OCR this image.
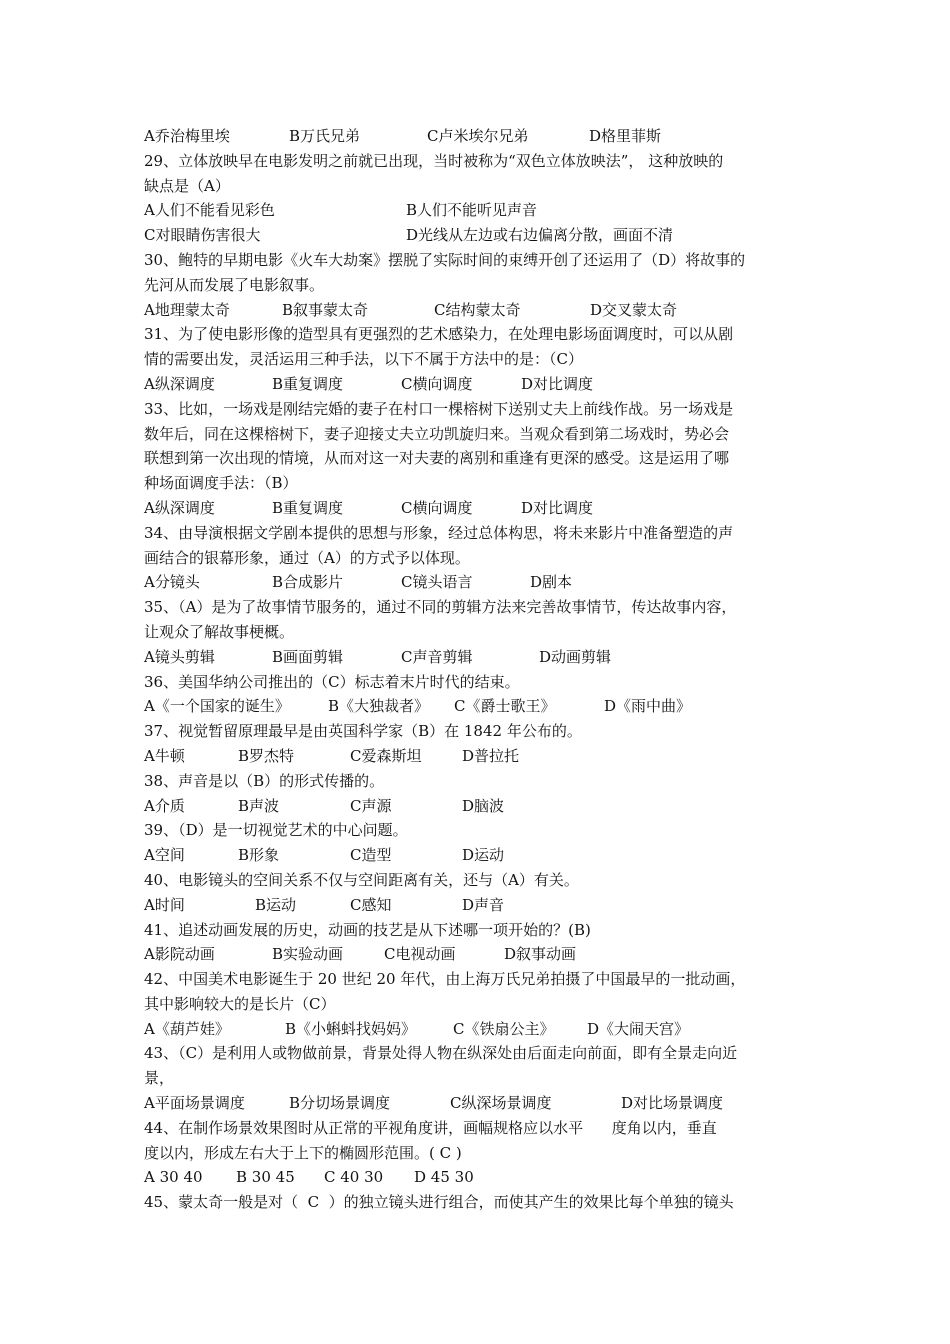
A乔治梅里埃	B万氏兄弟	C卢米埃尔兄弟	D格里菲斯
29、立体放映早在电影发明之前就已出现，当时被称为“双色立体放映法”， 这种放映的
缺点是（A）
A人们不能看见彩色	B人们不能听见声音
C对眼睛伤害很大	D光线从左边或右边偏离分散，画面不清
30、鲍特的早期电影《火车大劫案》摆脱了实际时间的束缚开创了还运用了（D）将故事的
先河从而发展了电影叙事。
A地理蒙太奇	B叙事蒙太奇	C结构蒙太奇	D交叉蒙太奇
31、为了使电影形像的造型具有更强烈的艺术感染力，在处理电影场面调度时，可以从剧
情的需要出发，灵活运用三种手法，以下不属于方法中的是：（C）
A纵深调度	B重复调度	C横向调度	D对比调度
33、比如，一场戏是刚结完婚的妻子在村口一棵榕树下送别丈夫上前线作战。另一场戏是
数年后，同在这棵榕树下，妻子迎接丈夫立功凯旋归来。当观众看到第二场戏时，势必会
联想到第一次出现的情境，从而对这一对夫妻的离别和重逢有更深的感受。这是运用了哪
种场面调度手法：（B）
A纵深调度	B重复调度	C横向调度	D对比调度
34、由导演根据文学剧本提供的思想与形象，经过总体构思，将未来影片中准备塑造的声
画结合的银幕形象，通过（A）的方式予以体现。
A分镜头	B合成影片	C镜头语言	D剧本
35、（A）是为了故事情节服务的，通过不同的剪辑方法来完善故事情节，传达故事内容，
让观众了解故事梗概。
A镜头剪辑	B画面剪辑	C声音剪辑	D动画剪辑
36、美国华纳公司推出的（C）标志着末片时代的结束。
A《一个国家的诞生》	B《大独裁者》 C《爵士歌王》	D《雨中曲》
37、视觉暂留原理最早是由英国科学家（B）在 1842 年公布的。
A牛顿	B罗杰特	C爱森斯坦	D普拉托
38、声音是以（B）的形式传播的。
A介质	B声波	C声源	D脑波
39、（D）是一切视觉艺术的中心问题。
A空间	B形象	C造型	D运动
40、电影镜头的空间关系不仅与空间距离有关，还与（A）有关。
A时间	B运动	C感知	D声音
41、追述动画发展的历史，动画的技艺是从下述哪一项开始的？(B)
A影院动画	B实验动画	C电视动画	D叙事动画
42、中国美术电影诞生于 20 世纪 20 年代，由上海万氏兄弟拍摄了中国最早的一批动画，
其中影响较大的是长片（C）
A《葫芦娃》	B《小蝌蚪找妈妈》 C《铁扇公主》 D《大闹天宫》
43、（C）是利用人或物做前景，背景处得人物在纵深处由后面走向前面，即有全景走向近
景，
A平面场景调度	B分切场景调度	C纵深场景调度	D对比场景调度
44、在制作场景效果图时从正常的平视角度讲，画幅规格应以水平      度角以内，垂直
度以内，形成左右大于上下的椭圆形范围。( C )
A 30 40 B 30 45 C 40 30 D 45 30
45、蒙太奇一般是对（  C  ）的独立镜头进行组合，而使其产生的效果比每个单独的镜头
